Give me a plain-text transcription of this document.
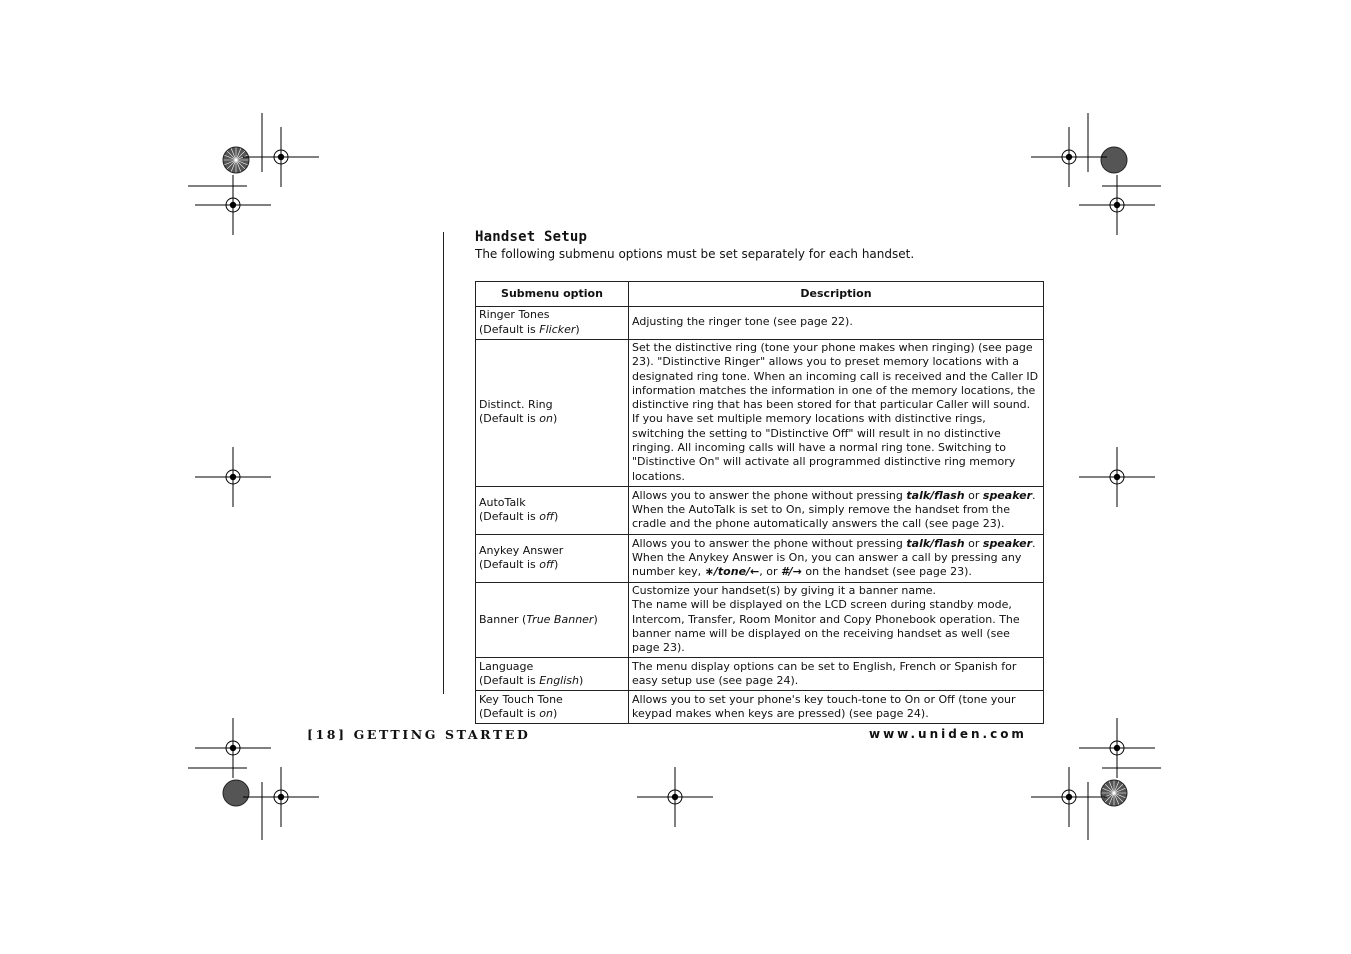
Handset Setup

The following submenu options must be set separately for each handset.

Submenu option	Description
Ringer Tones
(Default is Flicker)	Adjusting the ringer tone (see page 22).
Distinct. Ring
(Default is on)	Set the distinctive ring (tone your phone makes when ringing) (see page 23). "Distinctive Ringer" allows you to preset memory locations with a designated ring tone. When an incoming call is received and the Caller ID information matches the information in one of the memory locations, the distinctive ring that has been stored for that particular Caller will sound. If you have set multiple memory locations with distinctive rings, switching the setting to "Distinctive Off" will result in no distinctive ringing. All incoming calls will have a normal ring tone. Switching to "Distinctive On" will activate all programmed distinctive ring memory locations.
AutoTalk
(Default is off)	Allows you to answer the phone without pressing talk/flash or speaker. When the AutoTalk is set to On, simply remove the handset from the cradle and the phone automatically answers the call (see page 23).
Anykey Answer
(Default is off)	Allows you to answer the phone without pressing talk/flash or speaker. When the Anykey Answer is On, you can answer a call by pressing any number key, ∗/tone/←, or #/→ on the handset (see page 23).
Banner (True Banner)	Customize your handset(s) by giving it a banner name.
The name will be displayed on the LCD screen during standby mode, Intercom, Transfer, Room Monitor and Copy Phonebook operation. The banner name will be displayed on the receiving handset as well (see page 23).

Language
(Default is English)	The menu display options can be set to English, French or Spanish for easy setup use (see page 24).
Key Touch Tone
(Default is on)	Allows you to set your phone's key touch-tone to On or Off (tone your keypad makes when keys are pressed) (see page 24).
[18] GETTING STARTED	www.uniden.com
